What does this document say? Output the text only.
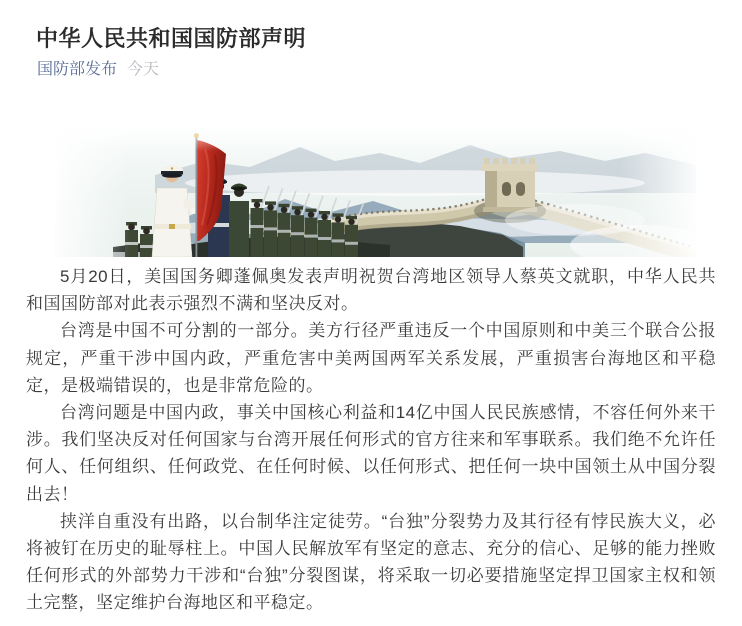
中华人民共和国国防部声明
国防部发布 今天

5月20日，美国国务卿蓬佩奥发表声明祝贺台湾地区领导人蔡英文就职，中华人民共和国国防部对此表示强烈不满和坚决反对。

台湾是中国不可分割的一部分。美方行径严重违反一个中国原则和中美三个联合公报规定，严重干涉中国内政，严重危害中美两国两军关系发展，严重损害台海地区和平稳定，是极端错误的，也是非常危险的。

台湾问题是中国内政，事关中国核心利益和14亿中国人民民族感情，不容任何外来干涉。我们坚决反对任何国家与台湾开展任何形式的官方往来和军事联系。我们绝不允许任何人、任何组织、任何政党、在任何时候、以任何形式、把任何一块中国领土从中国分裂出去！

挟洋自重没有出路，以台制华注定徒劳。“台独”分裂势力及其行径有悖民族大义，必将被钉在历史的耻辱柱上。中国人民解放军有坚定的意志、充分的信心、足够的能力挫败任何形式的外部势力干涉和“台独”分裂图谋，将采取一切必要措施坚定捍卫国家主权和领土完整，坚定维护台海地区和平稳定。
